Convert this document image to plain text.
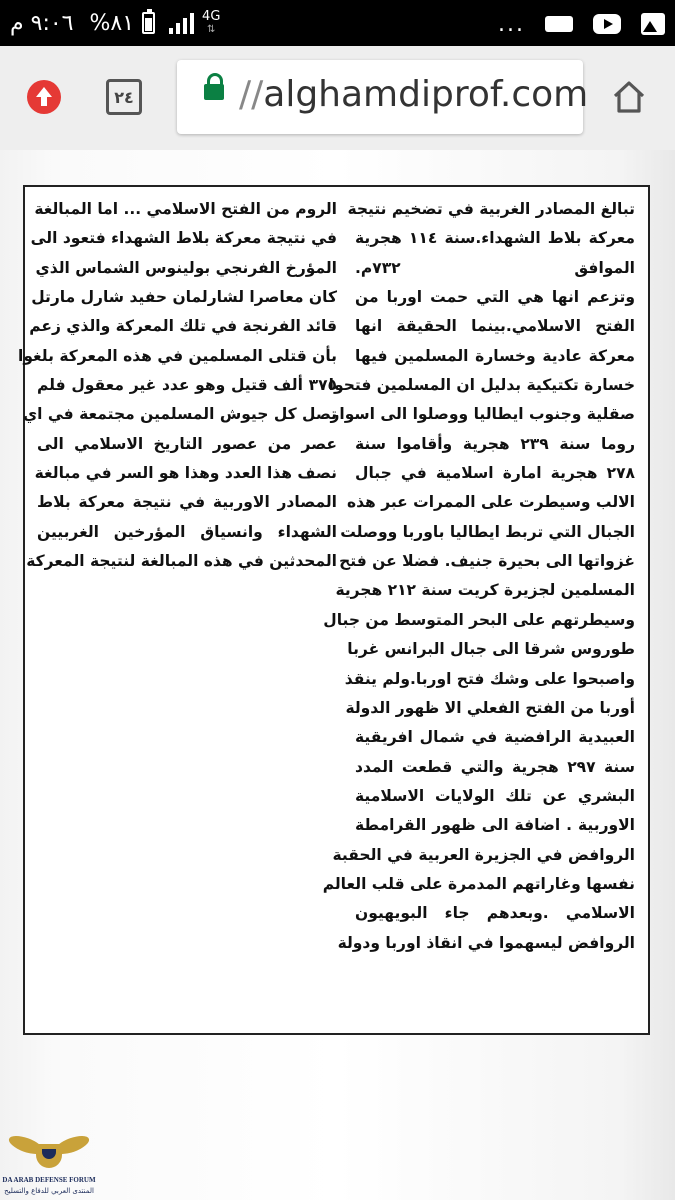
٩:٠٦ م %٨١	4G
⇅	...
٢٤	//alghamdiprof.com
تبالغ المصادر الغربية في تضخيم نتيجة
معركة بلاط الشهداء.سنة ١١٤ هجرية
الموافق ٧٣٢م.
وتزعم انها هي التي حمت اوربا من
الفتح الاسلامي.بينما الحقيقة انها
معركة عادية وخسارة المسلمين فيها
خسارة تكتيكية بدليل ان المسلمين فتحوا
صقلية وجنوب ايطاليا ووصلوا الى اسوار
روما سنة ٢٣٩ هجرية وأقاموا سنة
٢٧٨ هجرية امارة اسلامية في جبال
الالب وسيطرت على الممرات عبر هذه
الجبال التي تربط ايطاليا باوربا ووصلت
غزواتها الى بحيرة جنيف. فضلا عن فتح
المسلمين لجزيرة كريت سنة ٢١٢ هجرية
وسيطرتهم على البحر المتوسط من جبال
طوروس شرقا الى جبال البرانس غربا
واصبحوا على وشك فتح اوربا.ولم ينقذ
أوربا من الفتح الفعلي الا ظهور الدولة
العبيدية الرافضية في شمال افريقية
سنة ٢٩٧ هجرية والتي قطعت المدد
البشري عن تلك الولايات الاسلامية
الاوربية . اضافة الى ظهور القرامطة
الروافض في الجزيرة العربية في الحقبة
نفسها وغاراتهم المدمرة على قلب العالم
الاسلامي .وبعدهم جاء البويهيون
الروافض ليسهموا في انقاذ اوربا ودولة
الروم من الفتح الاسلامي ... اما المبالغة
في نتيجة معركة بلاط الشهداء فتعود الى
المؤرخ الفرنجي بولينوس الشماس الذي
كان معاصرا لشارلمان حفيد شارل مارتل
قائد الفرنجة في تلك المعركة والذي زعم
بأن قتلى المسلمين في هذه المعركة بلغوا
٣٧٥ ألف قتيل وهو عدد غير معقول فلم
تصل كل جيوش المسلمين مجتمعة في اي
عصر من عصور التاريخ الاسلامي الى
نصف هذا العدد وهذا هو السر في مبالغة
المصادر الاوربية في نتيجة معركة بلاط
الشهداء وانسياق المؤرخين الغربيين
المحدثين في هذه المبالغة لنتيجة المعركة
DA ARAB DEFENSE FORUM
المنتدى العربي للدفاع والتسليح
